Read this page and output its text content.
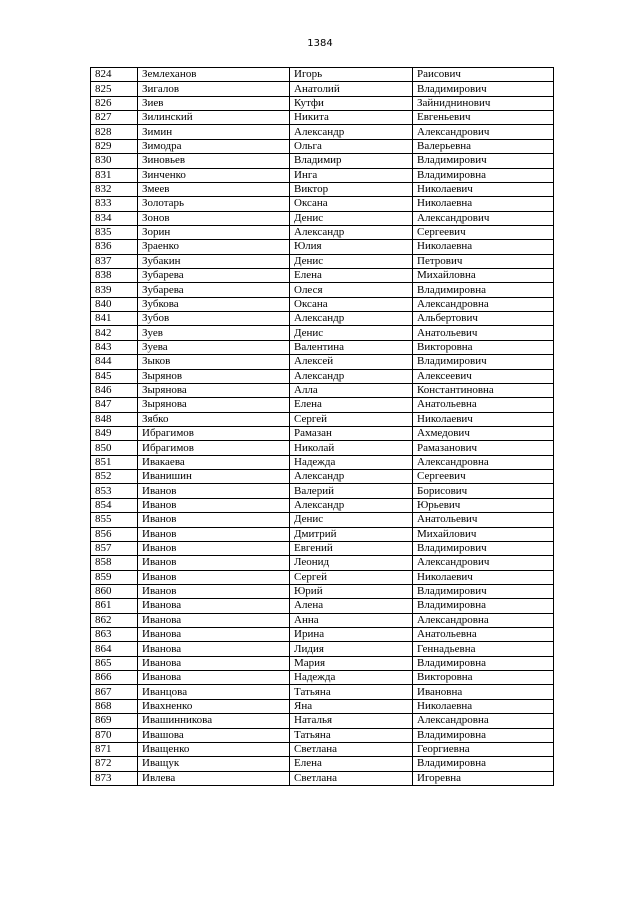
1384
824	Землеханов	Игорь	Раисович
825	Зигалов	Анатолий	Владимирович
826	Зиев	Кутфи	Зайниднинович
827	Зилинский	Никита	Евгеньевич
828	Зимин	Александр	Александрович
829	Зимодра	Ольга	Валерьевна
830	Зиновьев	Владимир	Владимирович
831	Зинченко	Инга	Владимировна
832	Змеев	Виктор	Николаевич
833	Золотарь	Оксана	Николаевна
834	Зонов	Денис	Александрович
835	Зорин	Александр	Сергеевич
836	Зраенко	Юлия	Николаевна
837	Зубакин	Денис	Петрович
838	Зубарева	Елена	Михайловна
839	Зубарева	Олеся	Владимировна
840	Зубкова	Оксана	Александровна
841	Зубов	Александр	Альбертович
842	Зуев	Денис	Анатольевич
843	Зуева	Валентина	Викторовна
844	Зыков	Алексей	Владимирович
845	Зырянов	Александр	Алексеевич
846	Зырянова	Алла	Константиновна
847	Зырянова	Елена	Анатольевна
848	Зябко	Сергей	Николаевич
849	Ибрагимов	Рамазан	Ахмедович
850	Ибрагимов	Николай	Рамазанович
851	Ивакаева	Надежда	Александровна
852	Иванишин	Александр	Сергеевич
853	Иванов	Валерий	Борисович
854	Иванов	Александр	Юрьевич
855	Иванов	Денис	Анатольевич
856	Иванов	Дмитрий	Михайлович
857	Иванов	Евгений	Владимирович
858	Иванов	Леонид	Александрович
859	Иванов	Сергей	Николаевич
860	Иванов	Юрий	Владимирович
861	Иванова	Алена	Владимировна
862	Иванова	Анна	Александровна
863	Иванова	Ирина	Анатольевна
864	Иванова	Лидия	Геннадьевна
865	Иванова	Мария	Владимировна
866	Иванова	Надежда	Викторовна
867	Иванцова	Татьяна	Ивановна
868	Ивахненко	Яна	Николаевна
869	Ивашинникова	Наталья	Александровна
870	Ивашова	Татьяна	Владимировна
871	Иващенко	Светлана	Георгиевна
872	Иващук	Елена	Владимировна
873	Ивлева	Светлана	Игоревна
